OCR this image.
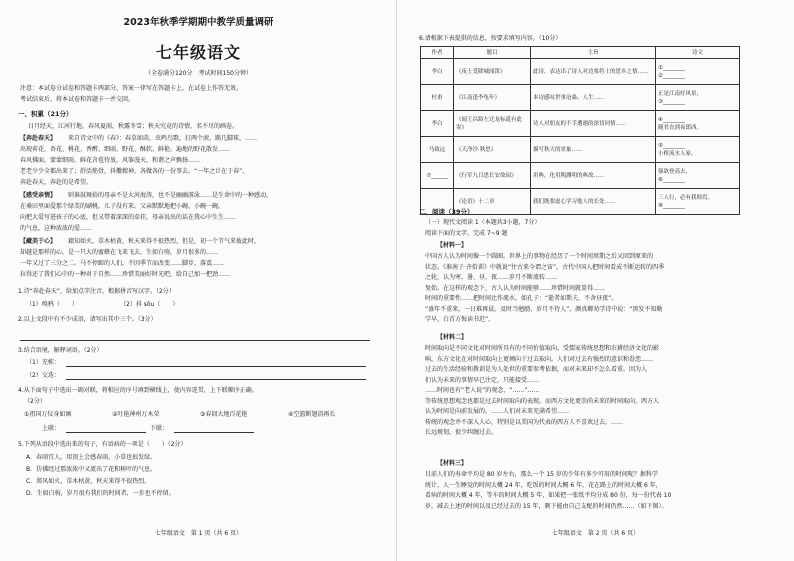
2023年秋季学期期中教学质量调研
七年级语文
（全卷满分120分　考试时间150分钟）
注意：本试卷分试卷和答题卡两部分，答案一律写在答题卡上，在试卷上作答无效。
考试结束后，将本试卷和答题卡一并交回。
一、积累（21分）
日月经天，江河行地，春风夏雨，秋露冬雪；秋天究竟的诗情，名不尽的画卷。
【奔赴春天】 来自诗文中的《春》：春草如茵，虫鸣鸟歌，打两个滚，踢几脚球，……
出现荷花、杏花、桃花、香醉、细雨、野花、酥软、鲜艳、遍地的野花散发……
春风拂面，蒙蒙细雨，鲜花含苞待放，风筝漫天，和谐之声飘扬……
老老少少全都出来了；舒活筋骨，抖擞精神，各做各的一份事去。“一年之计在于春”，
奔赴春天，奔赴的是希望。
【感受亲情】 则谁鼓舞拾的母亲不是大河海涛，也不是幽幽游泳……是生命中的一种感动，
在桑田里面爱那个绿美的刷桃，儿子没有来。父亲默默地把小碗、小碗一碗，
向把大爱写进孩子的心底，但又带着深深的牵挂，母亲说出的话在我心中生生……
的气息，这种浓浓的爱……
【藏美于心】 籍知如火，草木枯黄，秋天来得不很热烈，但是，初一个节气来彼此时，
却越是那样的心，是一只大的蜜蜂在飞来飞去，生如白驹，岁月很多的……
一年又过了三分之二。马不停蹄的人们，不因季节而改变……脚步，落寞……
拉得还了我们心中的一种对于自然……珍惜美丽好时光吧，给自己加一把劲……
1.诗“奔赴春天”，给加点字注音，根据拼音写汉字。（2分）
（1）嗅鸦（　　）	（2）抖 sǒu（　　）
2.以上文段中有不少成语，请写出其中三个。（3分）
3.结合语境，解释词语。（2分）
（1）充栋：
（2）交迭：
4.从下面句子中选出一副对联，将相应的序号填到横线上，使内容连贯，上下联顺序正确。
（2分）
①祖国万仪身如画	②吐艳神州万木荣	③春回大地百花艳	④空篮断翅浴再长
上联：	下联：
5.下列从语段中选出来的句子，有语病的一项是（　　）（2分）
A．春雨宜人，用顶上会感春雨，小草也很发绿。
B．仿佛经过那浓浓中又流出了花和树叶的气息。
C．郑风如火，草木枯黄，秋天来得不很热烈。
D．生如白驹，岁月很有我们的时间者，一步也不停留。
七年级语文　第 1 页（共 6 页）
6.请根据下表提供的信息，按要求填写内容。（10分）
作者	题目	主旨	诗文
李白	《夜上受降城闻笛》	此诗，表达出了诗人对边塞将士的思乡之情……	①________
②________

杜甫	《江南逢李龟年》	本诗感叹世事沧桑、人生……	正是江南好风景，
③________

李白	《闻王昌龄左迁龙标遥有此寄》	诗人对朋友的不幸遭遇的深切同情……	④________
随君直到夜郎西。

马致远	《天净沙·秋思》	描写秋天的景象……	⑤________
小桥流水人家。

⑦______	《行军九日思长安故园》	用典，化用陶渊明的典故……	强欲登高去，
⑥________

	《论语》十二章	我们既要虚心学习他人的长处……	三人行，必有我师焉。
⑧________
二、阅读（39分）
（一）现代文阅读 1（本题共3小题，7分）
阅读下面的文字，完成 7~9 题
【材料一】
中国古人认为时间像一个圆圈。世界上的事物在经历了一个时间周期之后又回到原来的
状态。《淮南子·齐俗训》中就说“往古来今谓之宙”。古代中国人把时间看成不断运转的四季
之轮，认为寒、暑、昼、夜……岁月不断流转……
复始。在这样的观念下，古人认为时间能够……珍惜时间就显得……
时间的重要性……把时间比作流水，如孔子：“逝者如斯夫，不舍昼夜”。
“盛年不重来，一日难再晨。及时当勉励，岁月不待人”。颜真卿劝学诗中说：“黑发不知勤
学早，白首方悔读书迟”。
【材料二】
时间取向是不同文化对时间所具有的不同价值取向。受儒家传统思想和农耕经济文化的影
响，东方文化在对时间取向上更倾向于过去取向。人们对过去有强烈的意识和眷恋……
过去的生活经验和教训是为人处世的重要参考依据，而对未来却不怎么看重。因为人
们认为未来的事情早已注定，只能接受……
……时间也有“老人说”的观念，“……”……
等传统思想观念也都是过去时间取向的表现。而西方文化更崇尚未来的时间取向，西方人
认为时间是向前发展的。……人们对未来充满希望……
传统的观念并不深入人心，特别是以美国为代表的西方人不喜欢过去，……
长远规划，很少纠缠过去。
【材料三】
目前人们的寿命平均是 80 岁左右，那么一个 15 岁的少年有多少可用的时间呢？据科学
统计，人一生睡觉的时间大概 24 年，吃饭的时间大概 6 年，花在路上的时间大概 6 年，
看病的时间大概 4 年，等车的时间大概 5 年，如果把一张纸平均分成 80 份，每一份代表 10
岁，减去上述的时间以及已经过去的 15 年，剩下能由自己支配的时间仍然……（如下图）。
七年级语文　第 2 页（共 6 页）
